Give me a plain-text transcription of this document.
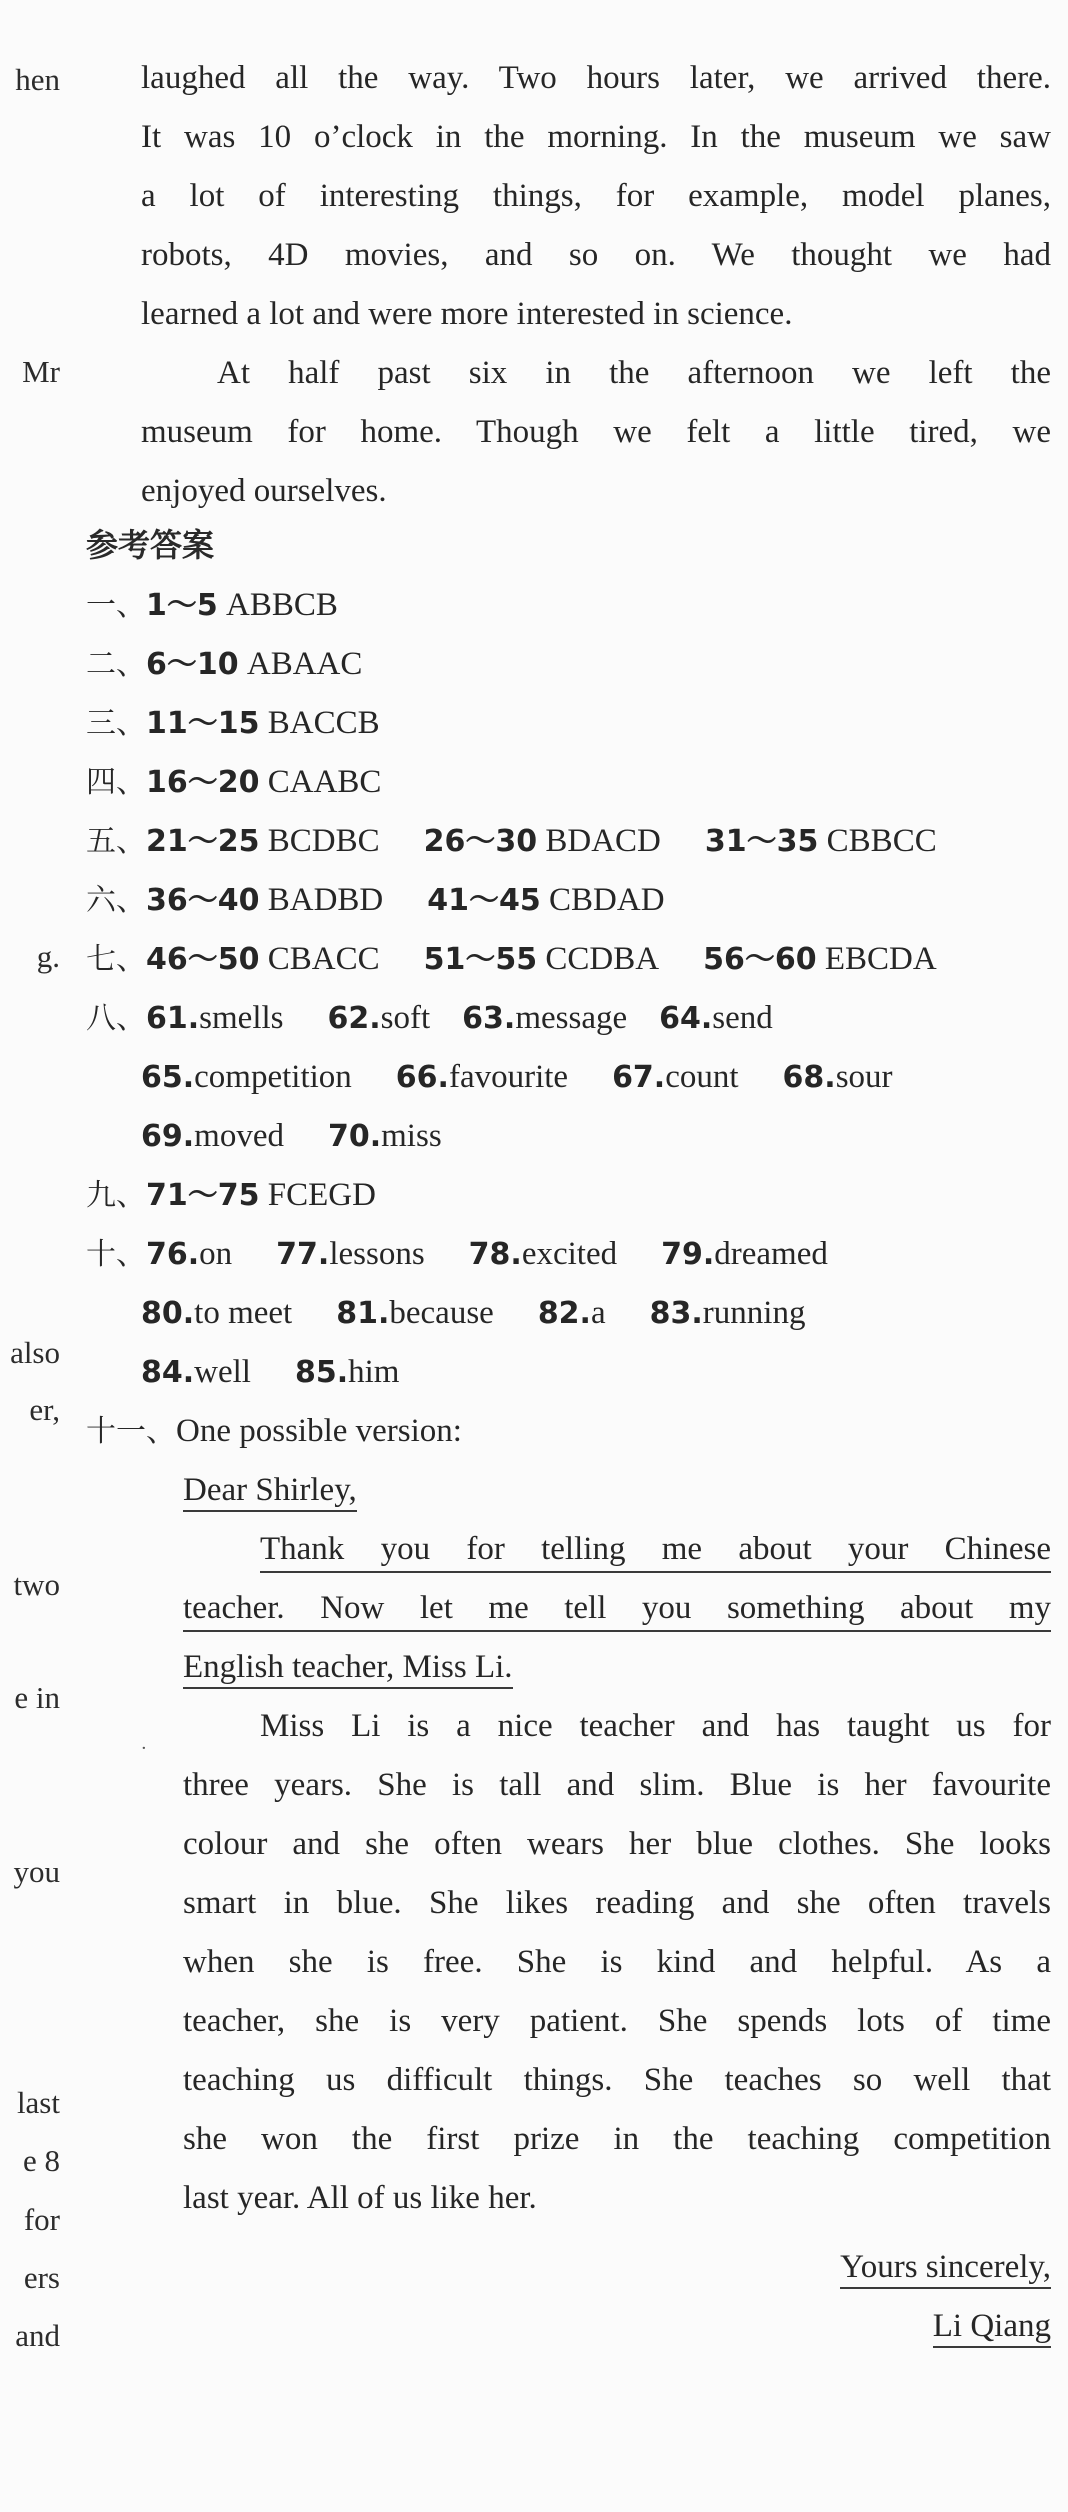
hen
Mr
g.
also
er,
two
e in
you
last
e 8
for
ers
and
laughed all the way. Two hours later, we arrived there.
It was 10 o’clock in the morning. In the museum we saw
a lot of interesting things, for example, model planes,
robots, 4D movies, and so on. We thought we had
learned a lot and were more interested in science.
At half past six in the afternoon we left the
museum for home. Though we felt a little tired, we
enjoyed ourselves.
参考答案
一、1～5 ABBCB
二、6～10 ABAAC
三、11～15 BACCB
四、16～20 CAABC
五、21～25 BCDBC 26～30 BDACD 31～35 CBBCC
六、36～40 BADBD 41～45 CBDAD
七、46～50 CBACC 51～55 CCDBA 56～60 EBCDA
八、61.smells 62.soft 63.message 64.send
65.competition 66.favourite 67.count 68.sour
69.moved 70.miss
九、71～75 FCEGD
十、76.on 77.lessons 78.excited 79.dreamed
80.to meet 81.because 82.a 83.running
84.well 85.him
十一、One possible version:
Dear Shirley,
Thank you for telling me about your Chinese
teacher. Now let me tell you something about my
English teacher, Miss Li.
·
Miss Li is a nice teacher and has taught us for
three years. She is tall and slim. Blue is her favourite
colour and she often wears her blue clothes. She looks
smart in blue. She likes reading and she often travels
when she is free. She is kind and helpful. As a
teacher, she is very patient. She spends lots of time
teaching us difficult things. She teaches so well that
she won the first prize in the teaching competition
last year. All of us like her.
Yours sincerely,
Li Qiang
